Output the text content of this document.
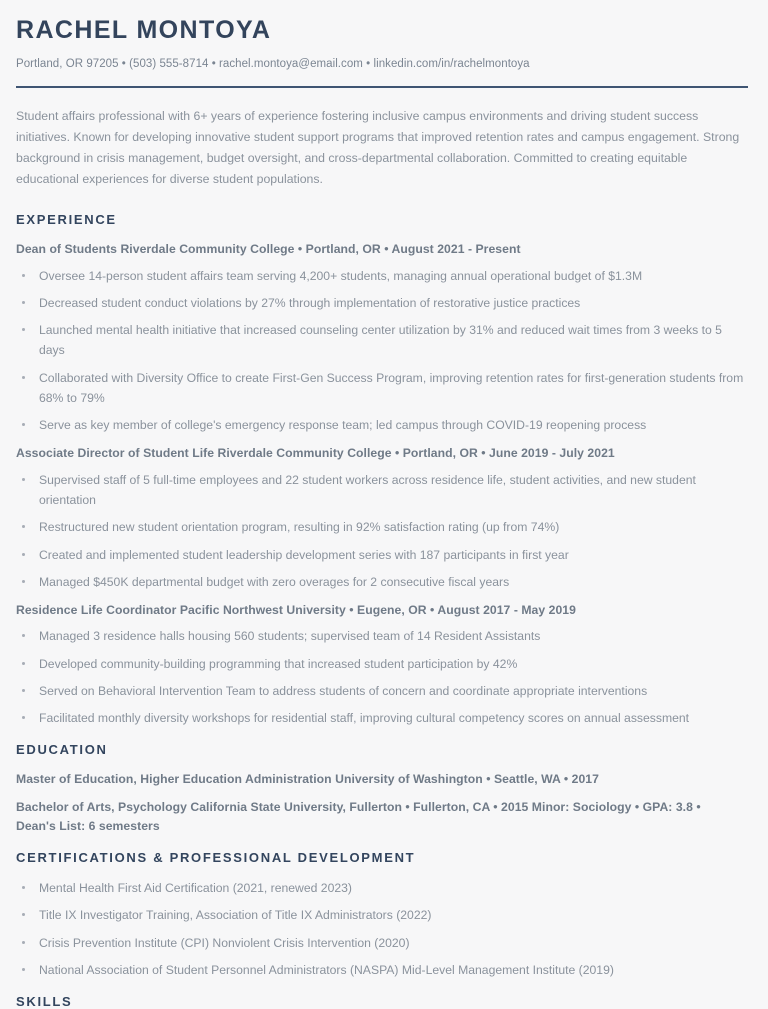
RACHEL MONTOYA
Portland, OR 97205 • (503) 555-8714 • rachel.montoya@email.com • linkedin.com/in/rachelmontoya

Student affairs professional with 6+ years of experience fostering inclusive campus environments and driving student success initiatives. Known for developing innovative student support programs that improved retention rates and campus engagement. Strong background in crisis management, budget oversight, and cross-departmental collaboration. Committed to creating equitable educational experiences for diverse student populations.

EXPERIENCE
Dean of Students Riverdale Community College • Portland, OR • August 2021 - Present
Oversee 14-person student affairs team serving 4,200+ students, managing annual operational budget of $1.3M
Decreased student conduct violations by 27% through implementation of restorative justice practices
Launched mental health initiative that increased counseling center utilization by 31% and reduced wait times from 3 weeks to 5 days
Collaborated with Diversity Office to create First-Gen Success Program, improving retention rates for first-generation students from 68% to 79%
Serve as key member of college's emergency response team; led campus through COVID-19 reopening process
Associate Director of Student Life Riverdale Community College • Portland, OR • June 2019 - July 2021
Supervised staff of 5 full-time employees and 22 student workers across residence life, student activities, and new student orientation
Restructured new student orientation program, resulting in 92% satisfaction rating (up from 74%)
Created and implemented student leadership development series with 187 participants in first year
Managed $450K departmental budget with zero overages for 2 consecutive fiscal years
Residence Life Coordinator Pacific Northwest University • Eugene, OR • August 2017 - May 2019
Managed 3 residence halls housing 560 students; supervised team of 14 Resident Assistants
Developed community-building programming that increased student participation by 42%
Served on Behavioral Intervention Team to address students of concern and coordinate appropriate interventions
Facilitated monthly diversity workshops for residential staff, improving cultural competency scores on annual assessment
EDUCATION
Master of Education, Higher Education Administration University of Washington • Seattle, WA • 2017
Bachelor of Arts, Psychology California State University, Fullerton • Fullerton, CA • 2015 Minor: Sociology • GPA: 3.8 • Dean's List: 6 semesters
CERTIFICATIONS & PROFESSIONAL DEVELOPMENT
Mental Health First Aid Certification (2021, renewed 2023)
Title IX Investigator Training, Association of Title IX Administrators (2022)
Crisis Prevention Institute (CPI) Nonviolent Crisis Intervention (2020)
National Association of Student Personnel Administrators (NASPA) Mid-Level Management Institute (2019)
SKILLS
